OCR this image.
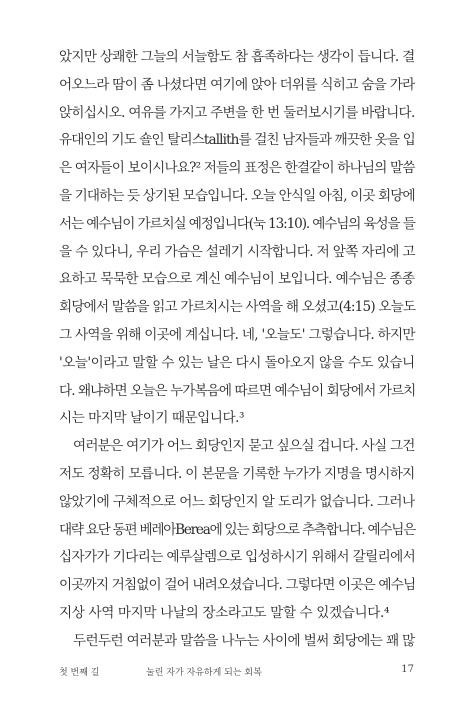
았지만 상쾌한 그늘의 서늘함도 참 흡족하다는 생각이 듭니다. 결
어오느라 땀이 좀 나셨다면 여기에 앉아 더위를 식히고 숨을 가라
앉히십시오. 여유를 가지고 주변을 한 번 둘러보시기를 바랍니다.
유대인의 기도 숄인 탈리스tallith를 걸친 남자들과 깨끗한 옷을 입
은 여자들이 보이시나요?² 저들의 표정은 한결같이 하나님의 말씀
을 기대하는 듯 상기된 모습입니다. 오늘 안식일 아침, 이곳 회당에
서는 예수님이 가르치실 예정입니다(눅 13:10). 예수님의 육성을 들
을 수 있다니, 우리 가슴은 설레기 시작합니다. 저 앞쪽 자리에 고
요하고 묵묵한 모습으로 계신 예수님이 보입니다. 예수님은 종종
회당에서 말씀을 읽고 가르치시는 사역을 해 오셨고(4:15) 오늘도
그 사역을 위해 이곳에 계십니다. 네, '오늘도' 그렇습니다. 하지만
'오늘'이라고 말할 수 있는 날은 다시 돌아오지 않을 수도 있습니
다. 왜냐하면 오늘은 누가복음에 따르면 예수님이 회당에서 가르치
시는 마지막 날이기 때문입니다.³
여러분은 여기가 어느 회당인지 묻고 싶으실 겁니다. 사실 그건
저도 정확히 모릅니다. 이 본문을 기록한 누가가 지명을 명시하지
않았기에 구체적으로 어느 회당인지 알 도리가 없습니다. 그러나
대략 요단 동편 베레아Berea에 있는 회당으로 추측합니다. 예수님은
십자가가 기다리는 예루살렘으로 입성하시기 위해서 갈릴리에서
이곳까지 거침없이 걸어 내려오셨습니다. 그렇다면 이곳은 예수님
지상 사역 마지막 나날의 장소라고도 말할 수 있겠습니다.⁴
두런두런 여러분과 말씀을 나누는 사이에 벌써 회당에는 꽤 많
첫 번째 길	눌린 자가 자유하게 되는 회복	17
